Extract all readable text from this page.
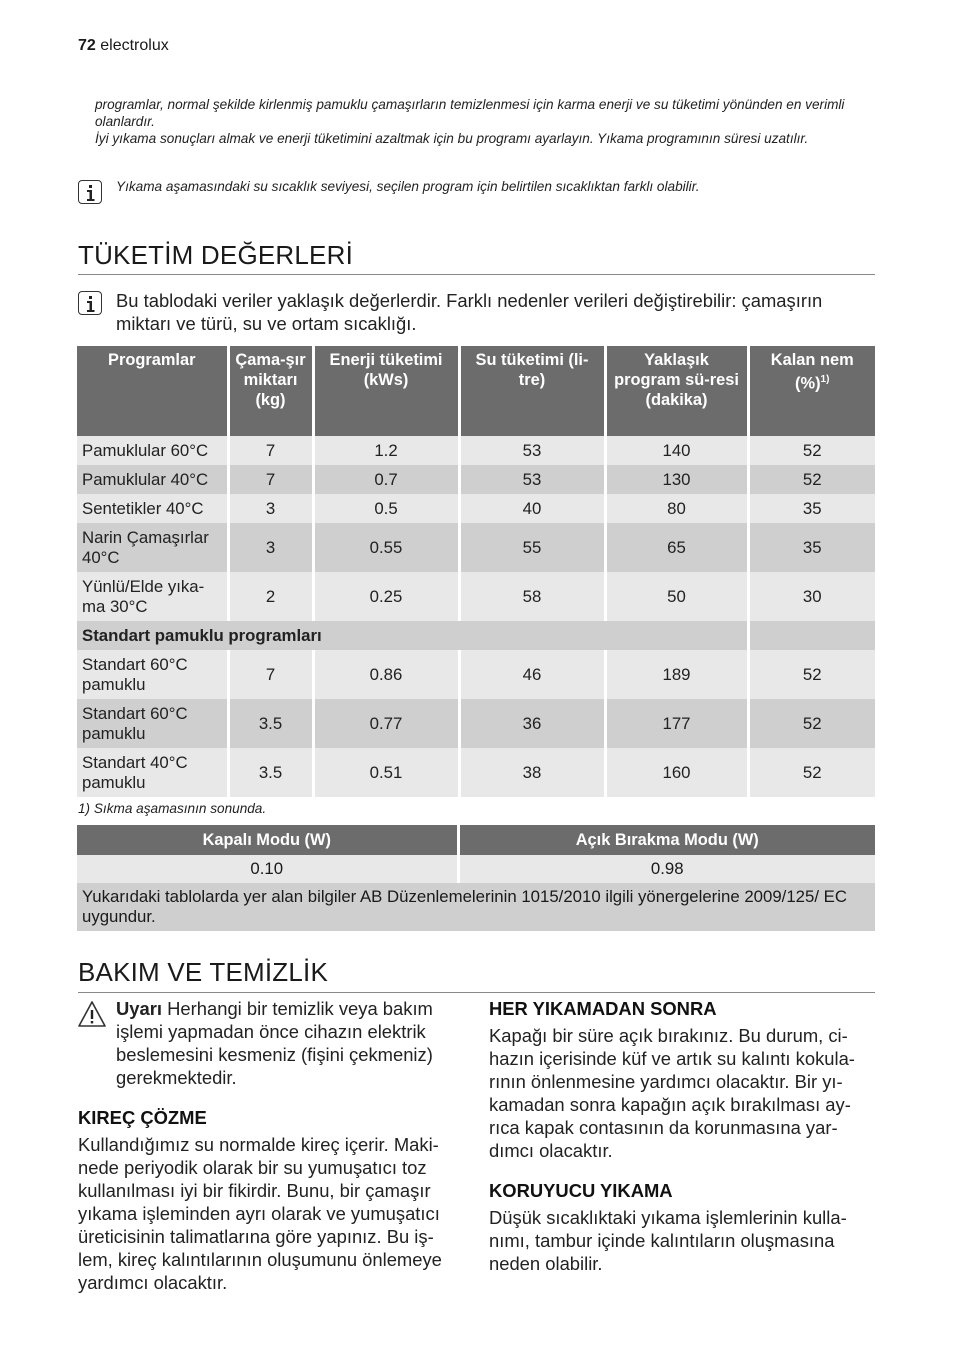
72 electrolux

programlar, normal şekilde kirlenmiş pamuklu çamaşırların temizlenmesi için karma enerji ve su tüketimi yönünden en verimli olanlardır.

İyi yıkama sonuçları almak ve enerji tüketimini azaltmak için bu programı ayarlayın. Yıkama programının süresi uzatılır.

Yıkama aşamasındaki su sıcaklık seviyesi, seçilen program için belirtilen sıcaklıktan farklı olabilir.
TÜKETİM DEĞERLERİ
Bu tablodaki veriler yaklaşık değerlerdir. Farklı nedenler verileri değiştirebilir: çamaşırın miktarı ve türü, su ve ortam sıcaklığı.
Programlar	Çama-şır miktarı (kg)	Enerji tüketimi (kWs)	Su tüketimi (li-tre)	Yaklaşık program sü-resi (dakika)	Kalan nem (%)$^{1)}$
Pamuklular 60°C	7	1.2	53	140	52
Pamuklular 40°C	7	0.7	53	130	52
Sentetikler 40°C	3	0.5	40	80	35
Narin Çamaşırlar 40°C	3	0.55	55	65	35
Yünlü/Elde yıka-ma 30°C	2	0.25	58	50	30
Standart pamuklu programları					
Standart 60°C pamuklu	7	0.86	46	189	52
Standart 60°C pamuklu	3.5	0.77	36	177	52
Standart 40°C pamuklu	3.5	0.51	38	160	52
1) Sıkma aşamasının sonunda.
Kapalı Modu (W)	Açık Bırakma Modu (W)
0.10	0.98
Yukarıdaki tablolarda yer alan bilgiler AB Düzenlemelerinin 1015/2010 ilgili yönergelerine 2009/125/ EC uygundur.	
BAKIM VE TEMİZLİK
Uyarı Herhangi bir temizlik veya bakım işlemi yapmadan önce cihazın elektrik beslemesini kesmeniz (fişini çekmeniz) gerekmektedir.
KIREÇ ÇÖZME

Kullandığımız su normalde kireç içerir. Maki-nede periyodik olarak bir su yumuşatıcı toz kullanılması iyi bir fikirdir. Bunu, bir çamaşır yıkama işleminden ayrı olarak ve yumuşatıcı üreticisinin talimatlarına göre yapınız. Bu iş-lem, kireç kalıntılarının oluşumunu önlemeye yardımcı olacaktır.

HER YIKAMADAN SONRA

Kapağı bir süre açık bırakınız. Bu durum, ci-hazın içerisinde küf ve artık su kalıntı kokula-rının önlenmesine yardımcı olacaktır. Bir yı-kamadan sonra kapağın açık bırakılması ay-rıca kapak contasının da korunmasına yar-dımcı olacaktır.

KORUYUCU YIKAMA

Düşük sıcaklıktaki yıkama işlemlerinin kulla-nımı, tambur içinde kalıntıların oluşmasına neden olabilir.
